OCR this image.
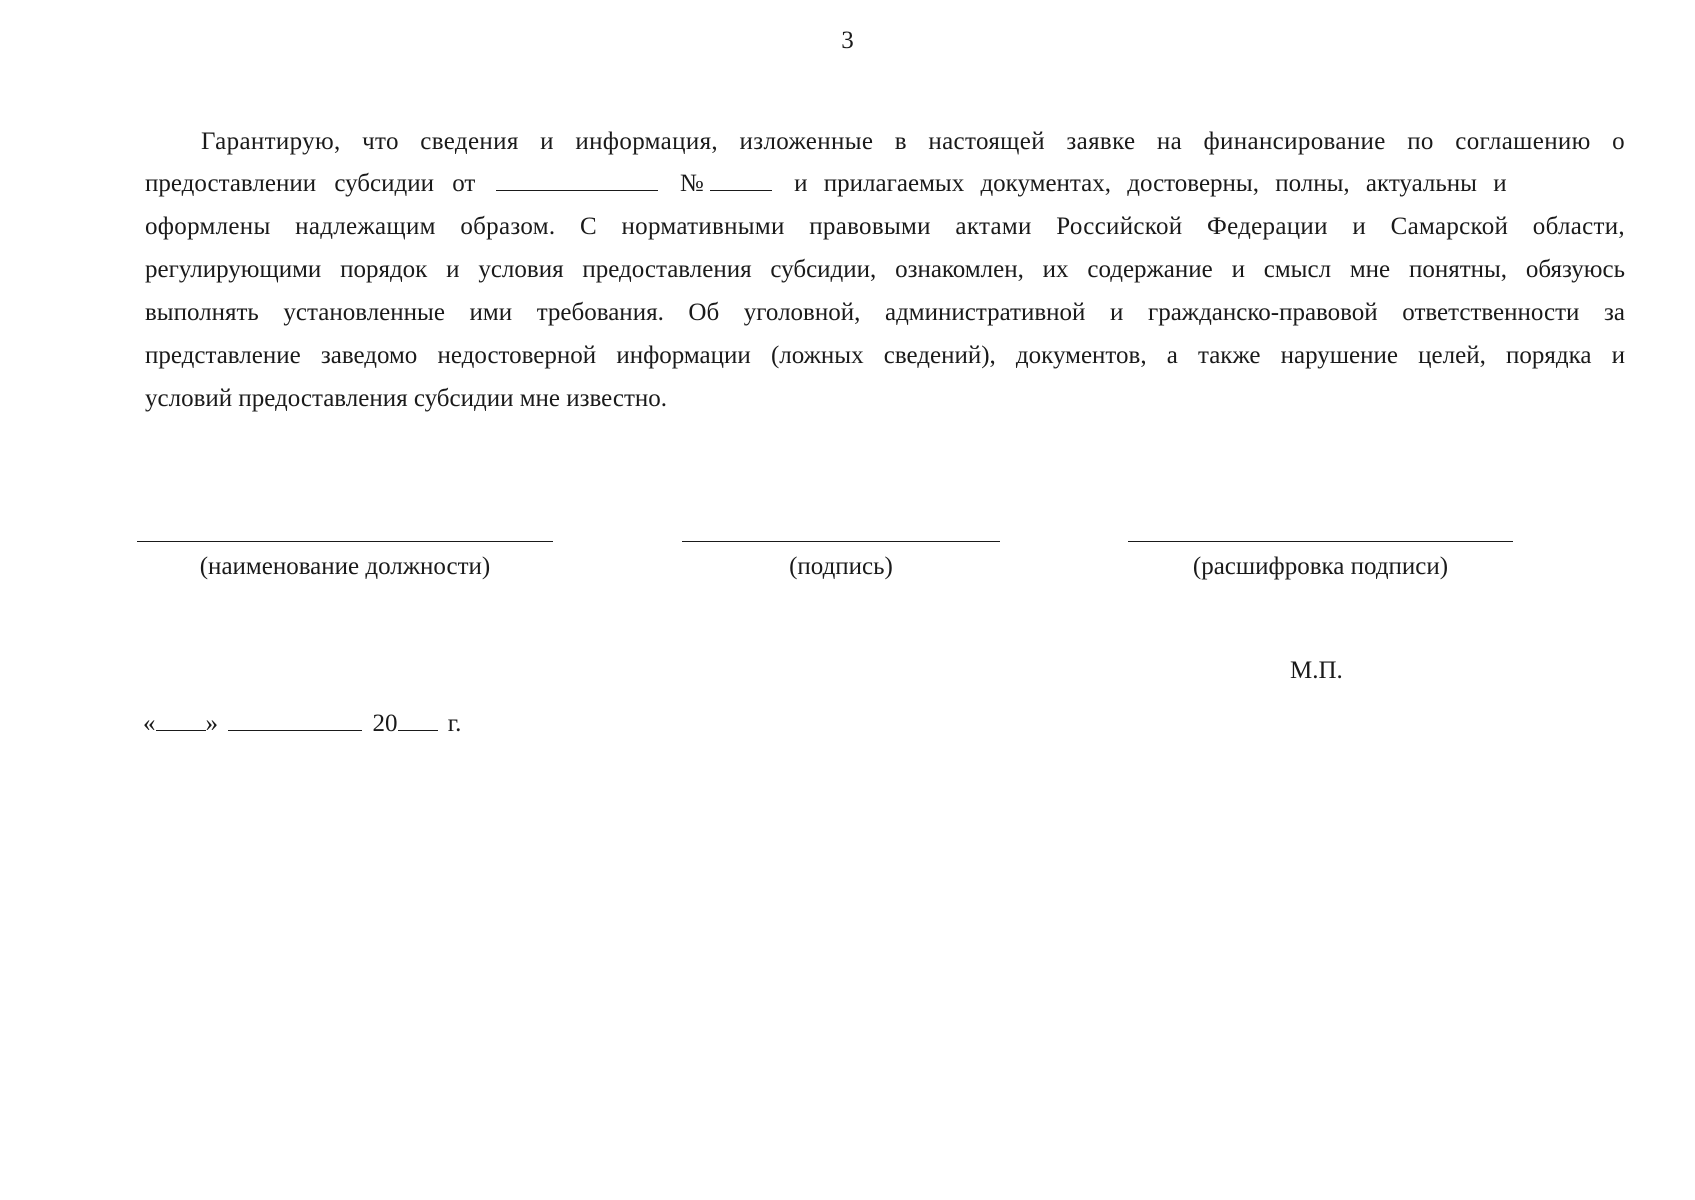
3
Гарантирую, что сведения и информация, изложенные в настоящей заявке на финансирование по соглашению о
предоставлении субсидии от	№	и прилагаемых документах, достоверны, полны, актуальны и
оформлены надлежащим образом. С нормативными правовыми актами Российской Федерации и Самарской области,
регулирующими порядок и условия предоставления субсидии, ознакомлен, их содержание и смысл мне понятны, обязуюсь
выполнять установленные ими требования. Об уголовной, административной и гражданско-правовой ответственности за
представление заведомо недостоверной информации (ложных сведений), документов, а также нарушение целей, порядка и
условий предоставления субсидии мне известно.
(наименование должности)	(подпись)	(расшифровка подписи)
М.П.
« »	20 г.
